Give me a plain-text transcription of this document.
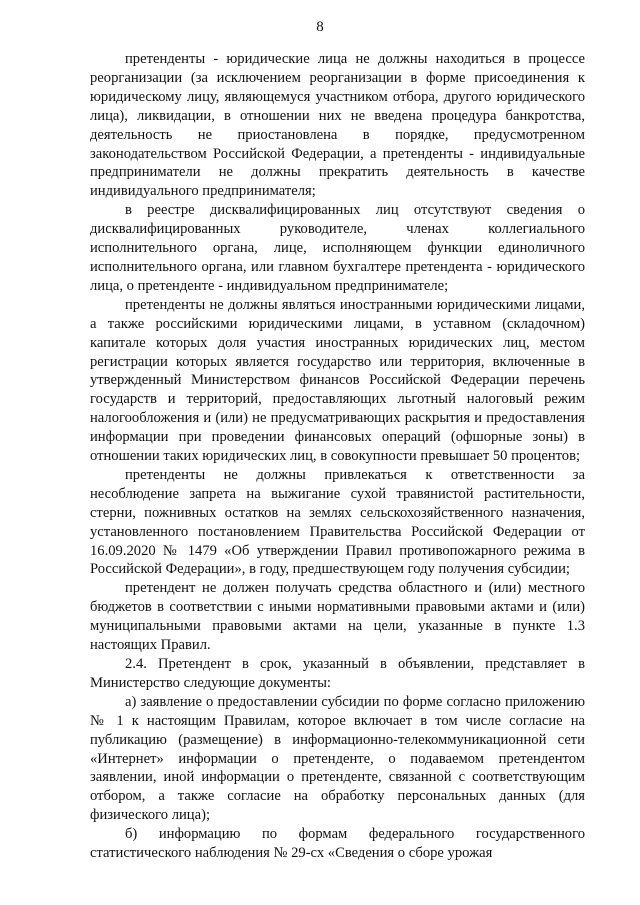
8

претенденты - юридические лица не должны находиться в процессе реорганизации (за исключением реорганизации в форме присоединения к юридическому лицу, являющемуся участником отбора, другого юридического лица), ликвидации, в отношении них не введена процедура банкротства, деятельность не приостановлена в порядке, предусмотренном законодательством Российской Федерации, а претенденты - индивидуальные предприниматели не должны прекратить деятельность в качестве индивидуального предпринимателя;

в реестре дисквалифицированных лиц отсутствуют сведения о дисквалифицированных руководителе, членах коллегиального исполнительного органа, лице, исполняющем функции единоличного исполнительного органа, или главном бухгалтере претендента - юридического лица, о претенденте - индивидуальном предпринимателе;

претенденты не должны являться иностранными юридическими лицами, а также российскими юридическими лицами, в уставном (складочном) капитале которых доля участия иностранных юридических лиц, местом регистрации которых является государство или территория, включенные в утвержденный Министерством финансов Российской Федерации перечень государств и территорий, предоставляющих льготный налоговый режим налогообложения и (или) не предусматривающих раскрытия и предоставления информации при проведении финансовых операций (офшорные зоны) в отношении таких юридических лиц, в совокупности превышает 50 процентов;

претенденты не должны привлекаться к ответственности за несоблюдение запрета на выжигание сухой травянистой растительности, стерни, пожнивных остатков на землях сельскохозяйственного назначения, установленного постановлением Правительства Российской Федерации от 16.09.2020 № 1479 «Об утверждении Правил противопожарного режима в Российской Федерации», в году, предшествующем году получения субсидии;

претендент не должен получать средства областного и (или) местного бюджетов в соответствии с иными нормативными правовыми актами и (или) муниципальными правовыми актами на цели, указанные в пункте 1.3 настоящих Правил.

2.4. Претендент в срок, указанный в объявлении, представляет в Министерство следующие документы:

а) заявление о предоставлении субсидии по форме согласно приложению № 1 к настоящим Правилам, которое включает в том числе согласие на публикацию (размещение) в информационно-телекоммуникационной сети «Интернет» информации о претенденте, о подаваемом претендентом заявлении, иной информации о претенденте, связанной с соответствующим отбором, а также согласие на обработку персональных данных (для физического лица);

б) информацию по формам федерального государственного статистического наблюдения № 29-сх «Сведения о сборе урожая
